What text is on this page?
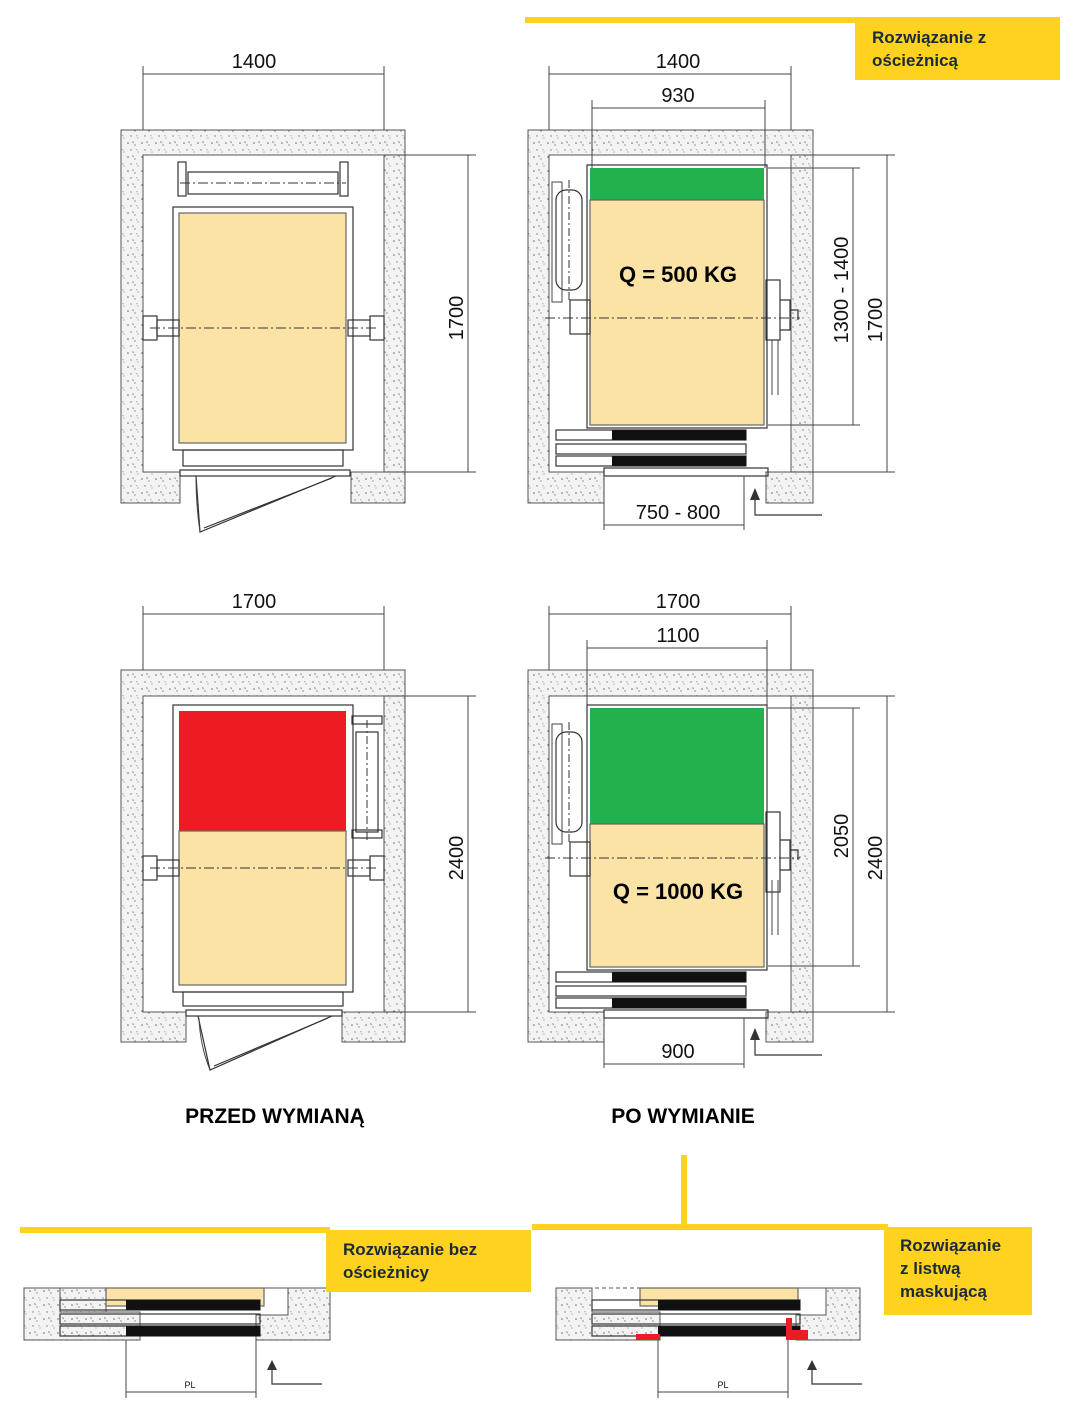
1400
1700
1400
930
1300 - 1400 1700
Q = 500 KG
750 - 800
Rozwiązanie z
ościeżnicą
1700
2400
1700
1100
2050 2400
Q = 1000 KG
900
PRZED WYMIANĄ	PO WYMIANIE
PL
Rozwiązanie bez
ościeżnicy
PL
Rozwiązanie
z listwą
maskującą
